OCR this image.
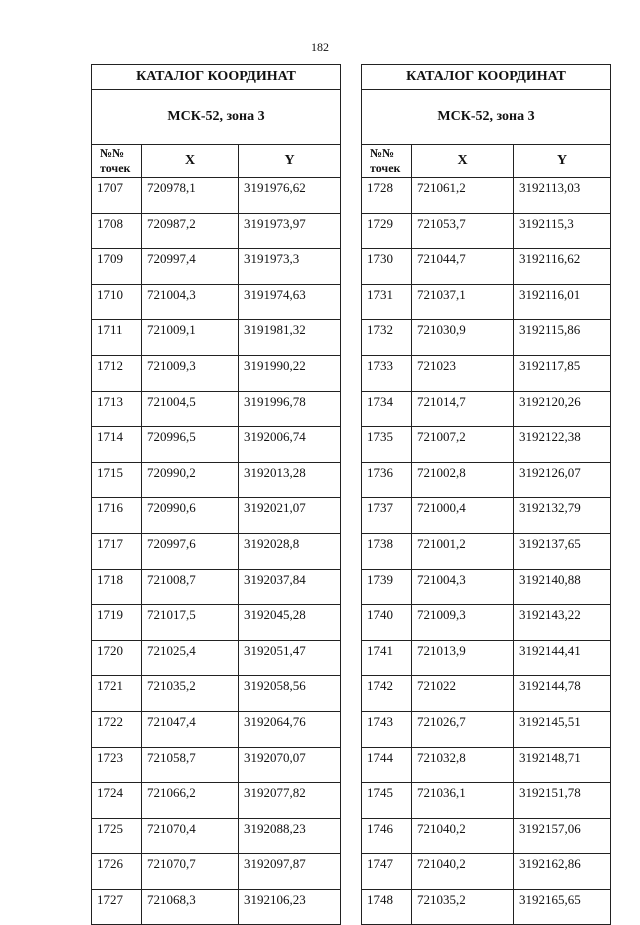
182
КАТАЛОГ КООРДИНАТ		
МСК-52, зона 3		
№№ точек	X	Y
1707	720978,1	3191976,62
1708	720987,2	3191973,97
1709	720997,4	3191973,3
1710	721004,3	3191974,63
1711	721009,1	3191981,32
1712	721009,3	3191990,22
1713	721004,5	3191996,78
1714	720996,5	3192006,74
1715	720990,2	3192013,28
1716	720990,6	3192021,07
1717	720997,6	3192028,8
1718	721008,7	3192037,84
1719	721017,5	3192045,28
1720	721025,4	3192051,47
1721	721035,2	3192058,56
1722	721047,4	3192064,76
1723	721058,7	3192070,07
1724	721066,2	3192077,82
1725	721070,4	3192088,23
1726	721070,7	3192097,87
1727	721068,3	3192106,23
КАТАЛОГ КООРДИНАТ		
МСК-52, зона 3		
№№ точек	X	Y
1728	721061,2	3192113,03
1729	721053,7	3192115,3
1730	721044,7	3192116,62
1731	721037,1	3192116,01
1732	721030,9	3192115,86
1733	721023	3192117,85
1734	721014,7	3192120,26
1735	721007,2	3192122,38
1736	721002,8	3192126,07
1737	721000,4	3192132,79
1738	721001,2	3192137,65
1739	721004,3	3192140,88
1740	721009,3	3192143,22
1741	721013,9	3192144,41
1742	721022	3192144,78
1743	721026,7	3192145,51
1744	721032,8	3192148,71
1745	721036,1	3192151,78
1746	721040,2	3192157,06
1747	721040,2	3192162,86
1748	721035,2	3192165,65
